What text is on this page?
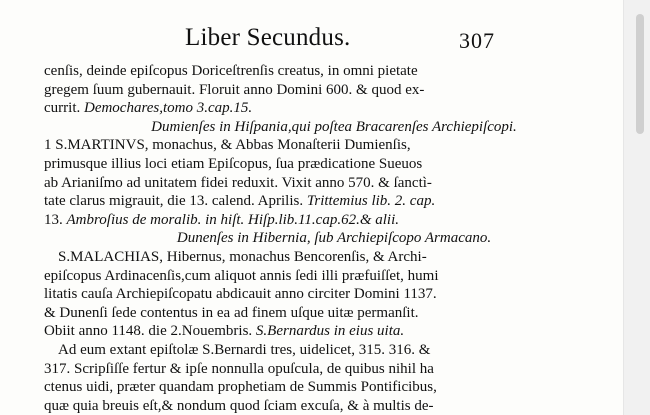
Liber Secundus.	307
cenſis, deinde epiſcopus Doriceſtrenſis creatus, in omni pietate
gregem ſuum gubernauit. Floruit anno Domini 600. & quod ex-
currit. Demochares,tomo 3.cap.15.
Dumienſes in Hiſpania,qui poſtea Bracarenſes Archiepiſcopi.
1 S.MARTINVS, monachus, & Abbas Monaſterii Dumienſis,
primusque illius loci etiam Epiſcopus, ſua prædicatione Sueuos
ab Arianiſmo ad unitatem fidei reduxit. Vixit anno 570. & ſanctì-
tate clarus migrauit, die 13. calend. Aprilis. Trittemius lib. 2. cap.
13. Ambroſius de moralib. in hiſt. Hiſp.lib.11.cap.62.& alii.
Dunenſes in Hibernia, ſub Archiepiſcopo Armacano.
S.MALACHIAS, Hibernus, monachus Bencorenſis, & Archi-
epiſcopus Ardinacenſis,cum aliquot annis ſedi illi præfuiſſet, humi
litatis cauſa Archiepiſcopatu abdicauit anno circiter Domini 1137.
& Dunenſi ſede contentus in ea ad finem uſque uitæ permanſit.
Obiit anno 1148. die 2.Nouembris. S.Bernardus in eius uita.
Ad eum extant epiſtolæ S.Bernardi tres, uidelicet, 315. 316. &
317. Scripſiſſe fertur & ipſe nonnulla opuſcula, de quibus nihil ha
ctenus uidi, præter quandam prophetiam de Summis Pontificibus,
quæ quia breuis eſt,& nondum quod ſciam excuſa, & à multis de-
